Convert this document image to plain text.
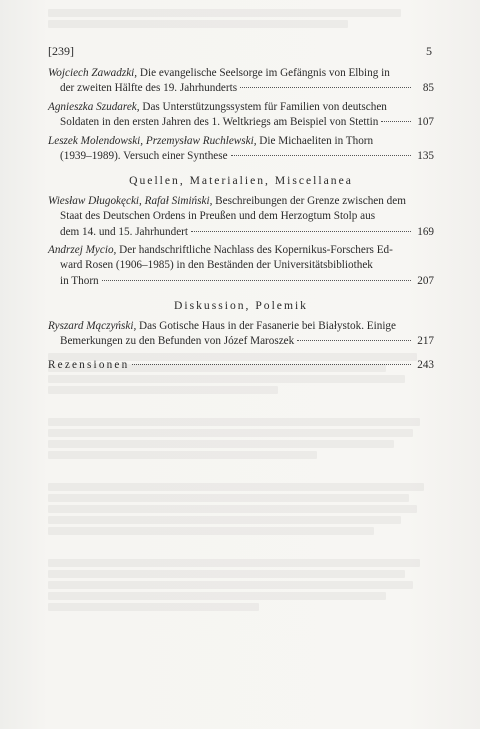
[239]	5
Wojciech Zawadzki, Die evangelische Seelsorge im Gefängnis von Elbing in
der zweiten Hälfte des 19. Jahrhunderts	85
Agnieszka Szudarek, Das Unterstützungssystem für Familien von deutschen
Soldaten in den ersten Jahren des 1. Weltkriegs am Beispiel von Stettin	107
Leszek Molendowski, Przemysław Ruchlewski, Die Michaeliten in Thorn
(1939–1989). Versuch einer Synthese	135
Quellen, Materialien, Miscellanea
Wiesław Długokęcki, Rafał Simiński, Beschreibungen der Grenze zwischen dem
Staat des Deutschen Ordens in Preußen und dem Herzogtum Stolp aus
dem 14. und 15. Jahrhundert	169
Andrzej Mycio, Der handschriftliche Nachlass des Kopernikus-Forschers Ed-
ward Rosen (1906–1985) in den Beständen der Universitätsbibliothek
in Thorn	207
Diskussion, Polemik
Ryszard Mączyński, Das Gotische Haus in der Fasanerie bei Białystok. Einige
Bemerkungen zu den Befunden von Józef Maroszek	217
Rezensionen	243
